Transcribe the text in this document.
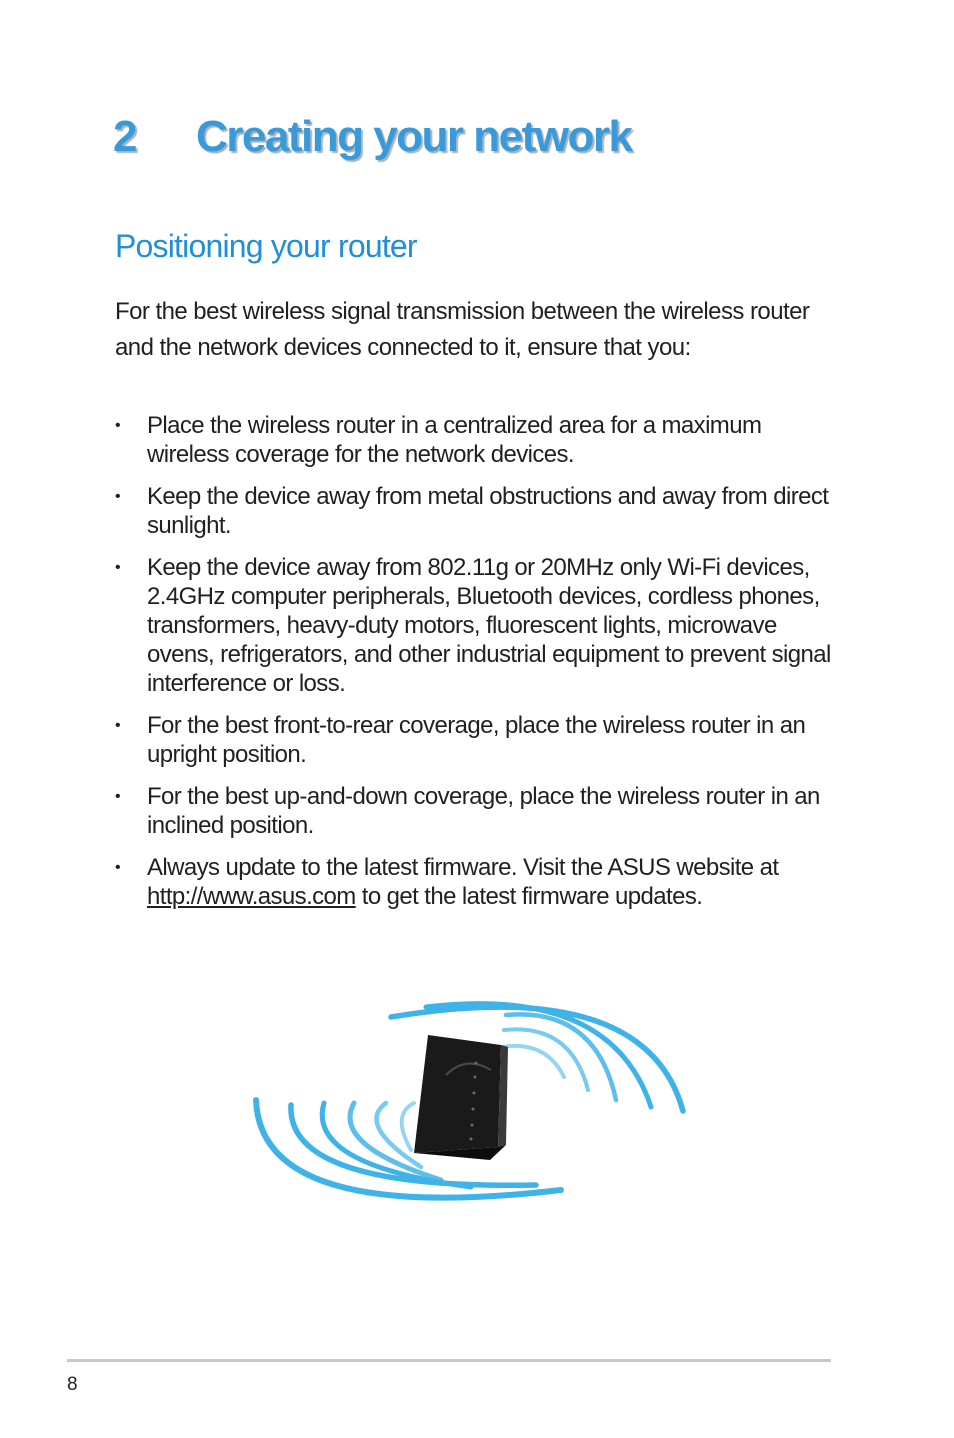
2 Creating your network
Positioning your router

For the best wireless signal transmission between the wireless router and the network devices connected to it, ensure that you:

• Place the wireless router in a centralized area for a maximum wireless coverage for the network devices.
• Keep the device away from metal obstructions and away from direct sunlight.
• Keep the device away from 802.11g or 20MHz only Wi-Fi devices, 2.4GHz computer peripherals, Bluetooth devices, cordless phones, transformers, heavy-duty motors, fluorescent lights, microwave ovens, refrigerators, and other industrial equipment to prevent signal interference or loss.
• For the best front-to-rear coverage, place the wireless router in an upright position.
• For the best up-and-down coverage, place the wireless router in an inclined position.
• Always update to the latest firmware. Visit the ASUS website at http://www.asus.com to get the latest firmware updates.
8
